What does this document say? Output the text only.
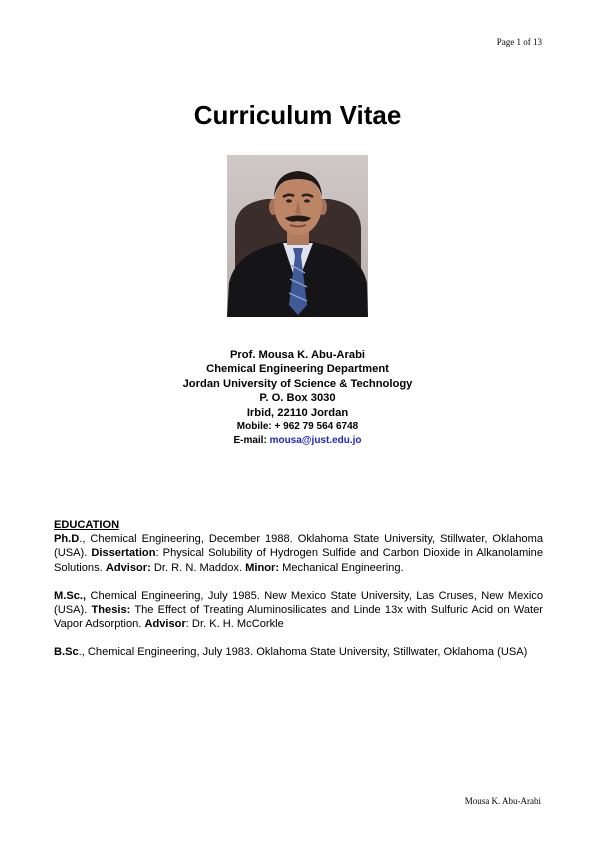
Page 1 of 13
Curriculum Vitae
Prof. Mousa K. Abu-Arabi
Chemical Engineering Department
Jordan University of Science & Technology
P. O. Box 3030
Irbid, 22110 Jordan
Mobile: + 962 79 564 6748
E-mail: mousa@just.edu.jo
EDUCATION

Ph.D., Chemical Engineering, December 1988. Oklahoma State University, Stillwater, Oklahoma (USA). Dissertation: Physical Solubility of Hydrogen Sulfide and Carbon Dioxide in Alkanolamine Solutions. Advisor: Dr. R. N. Maddox. Minor: Mechanical Engineering.

M.Sc., Chemical Engineering, July 1985. New Mexico State University, Las Cruses, New Mexico (USA). Thesis: The Effect of Treating Aluminosilicates and Linde 13x with Sulfuric Acid on Water Vapor Adsorption. Advisor: Dr. K. H. McCorkle

B.Sc., Chemical Engineering, July 1983. Oklahoma State University, Stillwater, Oklahoma (USA)

Mousa K. Abu-Arabi
